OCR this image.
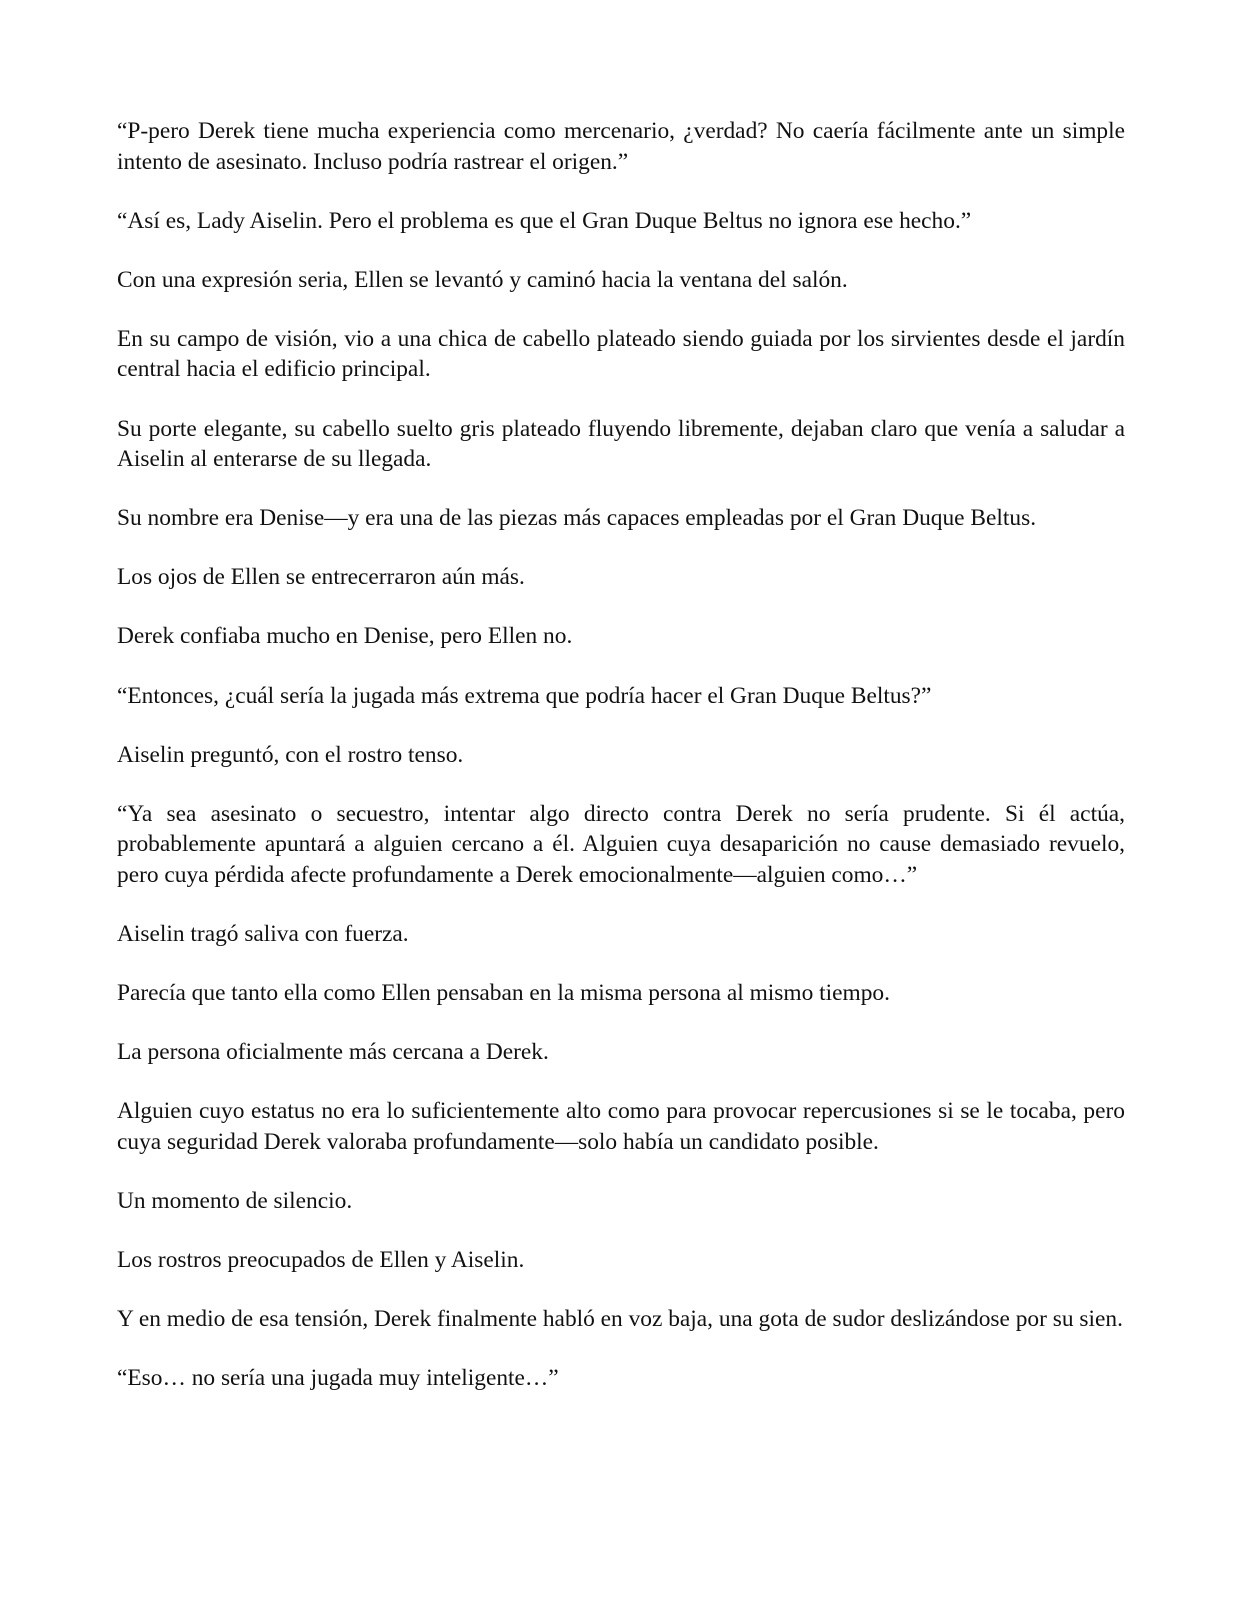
“P-pero Derek tiene mucha experiencia como mercenario, ¿verdad? No caería fácilmente ante un simple intento de asesinato. Incluso podría rastrear el origen.”

“Así es, Lady Aiselin. Pero el problema es que el Gran Duque Beltus no ignora ese hecho.”

Con una expresión seria, Ellen se levantó y caminó hacia la ventana del salón.

En su campo de visión, vio a una chica de cabello plateado siendo guiada por los sirvientes desde el jardín central hacia el edificio principal.

Su porte elegante, su cabello suelto gris plateado fluyendo libremente, dejaban claro que venía a saludar a Aiselin al enterarse de su llegada.

Su nombre era Denise—y era una de las piezas más capaces empleadas por el Gran Duque Beltus.

Los ojos de Ellen se entrecerraron aún más.

Derek confiaba mucho en Denise, pero Ellen no.

“Entonces, ¿cuál sería la jugada más extrema que podría hacer el Gran Duque Beltus?”

Aiselin preguntó, con el rostro tenso.

“Ya sea asesinato o secuestro, intentar algo directo contra Derek no sería prudente. Si él actúa, probablemente apuntará a alguien cercano a él. Alguien cuya desaparición no cause demasiado revuelo, pero cuya pérdida afecte profundamente a Derek emocionalmente—alguien como…”

Aiselin tragó saliva con fuerza.

Parecía que tanto ella como Ellen pensaban en la misma persona al mismo tiempo.

La persona oficialmente más cercana a Derek.

Alguien cuyo estatus no era lo suficientemente alto como para provocar repercusiones si se le tocaba, pero cuya seguridad Derek valoraba profundamente—solo había un candidato posible.

Un momento de silencio.

Los rostros preocupados de Ellen y Aiselin.

Y en medio de esa tensión, Derek finalmente habló en voz baja, una gota de sudor deslizándose por su sien.

“Eso… no sería una jugada muy inteligente…”
